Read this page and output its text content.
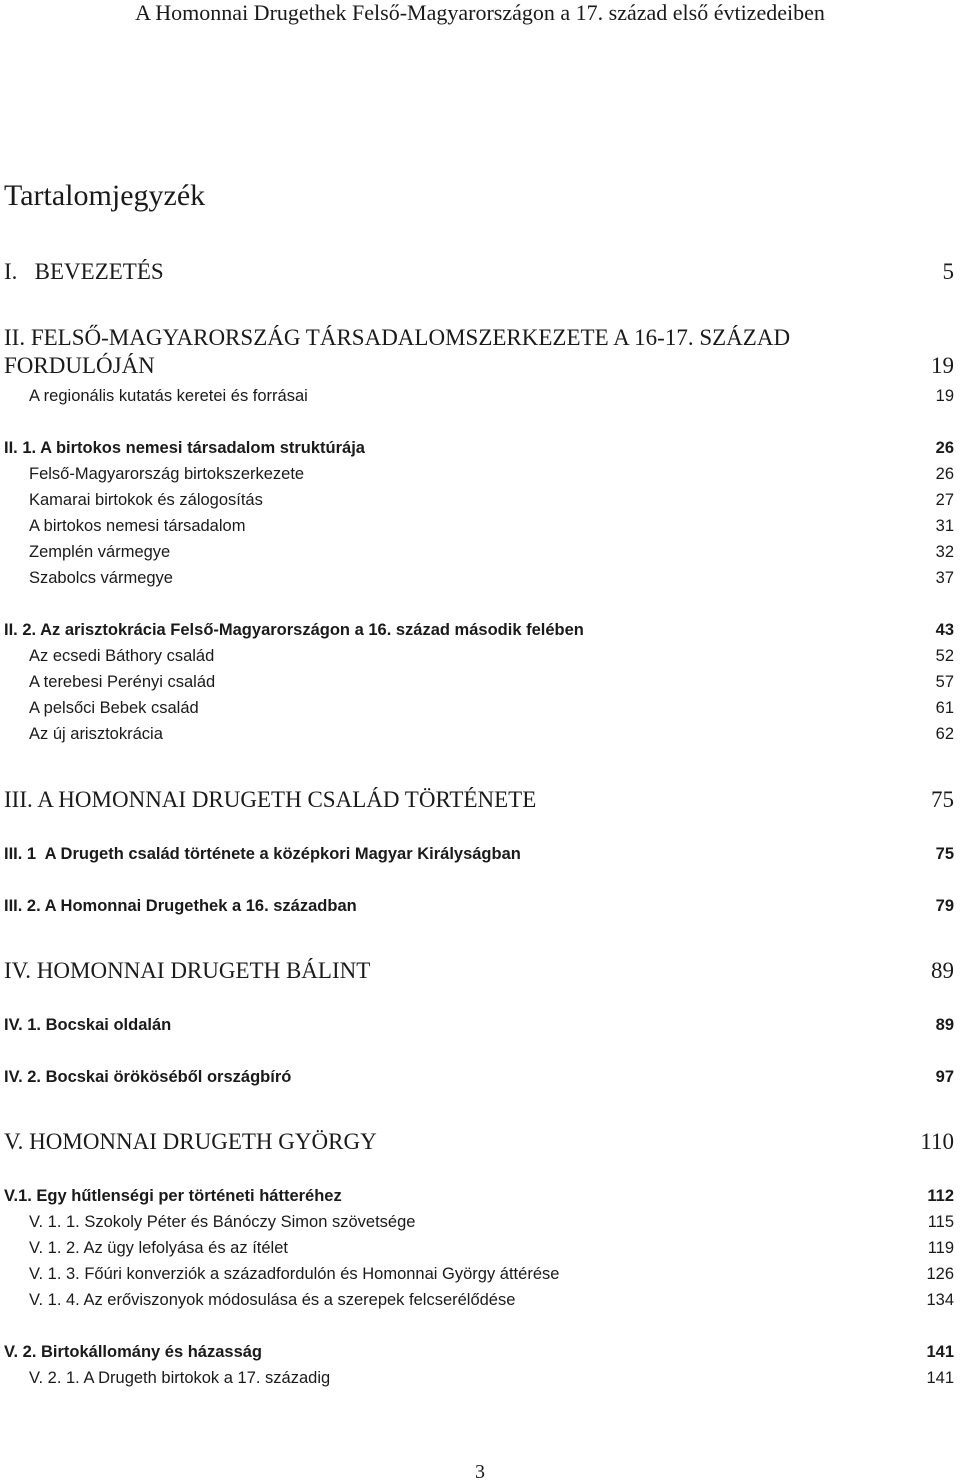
A Homonnai Drugethek Felső-Magyarországon a 17. század első évtizedeiben
Tartalomjegyzék
I.   BEVEZETÉS	5
II. FELSŐ-MAGYARORSZÁG TÁRSADALOMSZERKEZETE A 16-17. SZÁZAD
FORDULÓJÁN	19
A regionális kutatás keretei és forrásai	19
II. 1. A birtokos nemesi társadalom struktúrája	26
Felső-Magyarország birtokszerkezete	26
Kamarai birtokok és zálogosítás	27
A birtokos nemesi társadalom	31
Zemplén vármegye	32
Szabolcs vármegye	37
II. 2. Az arisztokrácia Felső-Magyarországon a 16. század második felében	43
Az ecsedi Báthory család	52
A terebesi Perényi család	57
A pelsőci Bebek család	61
Az új arisztokrácia	62
III. A HOMONNAI DRUGETH CSALÁD TÖRTÉNETE	75
III. 1  A Drugeth család története a középkori Magyar Királyságban	75
III. 2. A Homonnai Drugethek a 16. században	79
IV. HOMONNAI DRUGETH BÁLINT	89
IV. 1. Bocskai oldalán	89
IV. 2. Bocskai örököséből országbíró	97
V. HOMONNAI DRUGETH GYÖRGY	110
V.1. Egy hűtlenségi per történeti hátteréhez	112
V. 1. 1. Szokoly Péter és Bánóczy Simon szövetsége	115
V. 1. 2. Az ügy lefolyása és az ítélet	119
V. 1. 3. Főúri konverziók a századfordulón és Homonnai György áttérése	126
V. 1. 4. Az erőviszonyok módosulása és a szerepek felcserélődése	134
V. 2. Birtokállomány és házasság	141
V. 2. 1. A Drugeth birtokok a 17. századig	141
3
